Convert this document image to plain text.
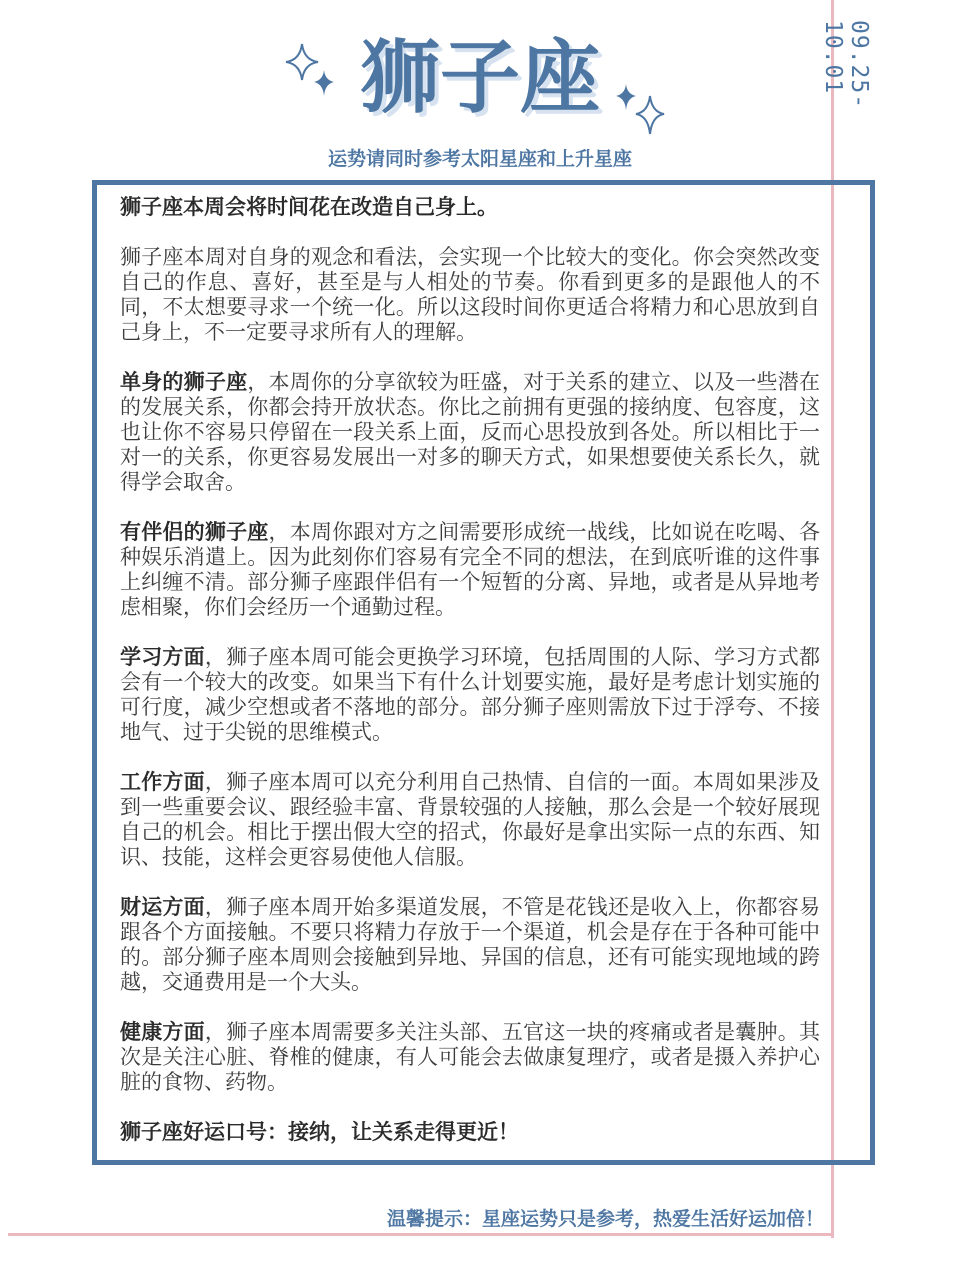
09.25-10.01
狮子座
运势请同时参考太阳星座和上升星座

狮子座本周会将时间花在改造自己身上。

狮子座本周对自身的观念和看法，会实现一个比较大的变化。你会突然改变自己的作息、喜好，甚至是与人相处的节奏。你看到更多的是跟他人的不同，不太想要寻求一个统一化。所以这段时间你更适合将精力和心思放到自己身上，不一定要寻求所有人的理解。

单身的狮子座，本周你的分享欲较为旺盛，对于关系的建立、以及一些潜在的发展关系，你都会持开放状态。你比之前拥有更强的接纳度、包容度，这也让你不容易只停留在一段关系上面，反而心思投放到各处。所以相比于一对一的关系，你更容易发展出一对多的聊天方式，如果想要使关系长久，就得学会取舍。

有伴侣的狮子座，本周你跟对方之间需要形成统一战线，比如说在吃喝、各种娱乐消遣上。因为此刻你们容易有完全不同的想法，在到底听谁的这件事上纠缠不清。部分狮子座跟伴侣有一个短暂的分离、异地，或者是从异地考虑相聚，你们会经历一个通勤过程。

学习方面，狮子座本周可能会更换学习环境，包括周围的人际、学习方式都会有一个较大的改变。如果当下有什么计划要实施，最好是考虑计划实施的可行度，减少空想或者不落地的部分。部分狮子座则需放下过于浮夸、不接地气、过于尖锐的思维模式。

工作方面，狮子座本周可以充分利用自己热情、自信的一面。本周如果涉及到一些重要会议、跟经验丰富、背景较强的人接触，那么会是一个较好展现自己的机会。相比于摆出假大空的招式，你最好是拿出实际一点的东西、知识、技能，这样会更容易使他人信服。

财运方面，狮子座本周开始多渠道发展，不管是花钱还是收入上，你都容易跟各个方面接触。不要只将精力存放于一个渠道，机会是存在于各种可能中的。部分狮子座本周则会接触到异地、异国的信息，还有可能实现地域的跨越，交通费用是一个大头。

健康方面，狮子座本周需要多关注头部、五官这一块的疼痛或者是囊肿。其次是关注心脏、脊椎的健康，有人可能会去做康复理疗，或者是摄入养护心脏的食物、药物。

狮子座好运口号：接纳，让关系走得更近！

温馨提示：星座运势只是参考，热爱生活好运加倍！
